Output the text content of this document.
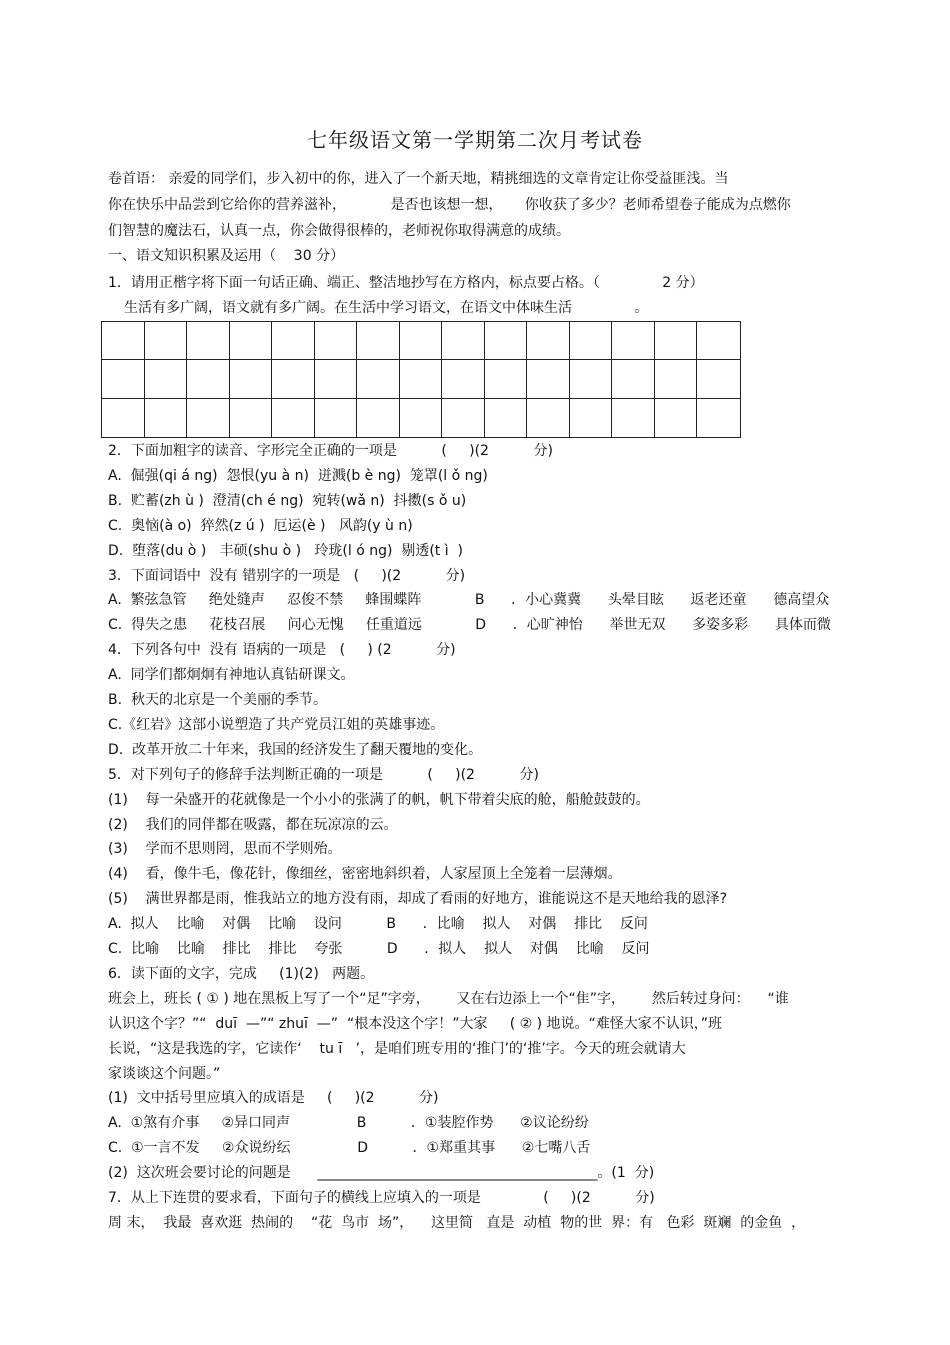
七年级语文第一学期第二次月考试卷
卷首语： 亲爱的同学们，步入初中的你，进入了一个新天地，精挑细选的文章肯定让你受益匪浅。当
你在快乐中品尝到它给你的营养滋补，          是否也该想一想，     你收获了多少？老师希望卷子能成为点燃你
们智慧的魔法石，认真一点，你会做得很棒的，老师祝你取得满意的成绩。
一、语文知识积累及运用（    30 分）
1．请用正楷字将下面一句话正确、端正、整洁地抄写在方格内，标点要占格。（              2 分）
生活有多广阔，语文就有多广阔。在生活中学习语文，在语文中体味生活              。
2．下面加粗字的读音、字形完全正确的一项是          (     )(2          分)
A.  倔强(qi á ng)  怨恨(yu à n)  迸溅(b è ng)  笼罩(l ǒ ng)
B.  贮蓄(zh ù )  澄清(ch é ng)  宛转(wǎ n)  抖擞(s ǒ u)
C.  奥恼(à o)  猝然(z ú )  厄运(è )   风韵(y ù n)
D.  堕落(du ò )   丰硕(shu ò )   玲珑(l ó ng)  剔透(t ì  )
3．下面词语中  没有 错别字的一项是   (     )(2          分)
A.  繁弦急管     绝处缝声     忍俊不禁     蜂围蝶阵            B      ．小心冀冀      头晕目眩      返老还童      德高望众
C.  得失之患     花枝召展     问心无愧     任重道远            D      ．心旷神怡      举世无双      多姿多彩      具体而微
4．下列各句中  没有 语病的一项是   (     ) (2          分)
A.  同学们都炯炯有神地认真钻研课文。
B.  秋天的北京是一个美丽的季节。
C.《红岩》这部小说塑造了共产党员江姐的英雄事迹。
D.  改革开放二十年来，我国的经济发生了翻天覆地的变化。
5．对下列句子的修辞手法判断正确的一项是          (     )(2          分)
(1)    每一朵盛开的花就像是一个小小的张满了的帆，帆下带着尖底的舱，船舱鼓鼓的。
(2)    我们的同伴都在吸露，都在玩凉凉的云。
(3)    学而不思则罔，思而不学则殆。
(4)    看，像牛毛，像花针，像细丝，密密地斜织着，人家屋顶上全笼着一层薄烟。
(5)    满世界都是雨，惟我站立的地方没有雨，却成了看雨的好地方，谁能说这不是天地给我的恩泽?
A.  拟人    比喻    对偶    比喻    设问          B      ．比喻    拟人    对偶    排比    反问
C.  比喻    比喻    排比    排比    夸张          D      ．拟人    拟人    对偶    比喻    反问
6．读下面的文字，完成     (1)(2)   两题。
班会上，班长 ( ① ) 地在黑板上写了一个“足”字旁，      又在右边添上一个“隹”字，      然后转过身问：    “谁
认识这个字？”“  duī  —”“ zhuī  —”  “根本没这个字！”大家     ( ② ) 地说。“难怪大家不认识，”班
长说，“这是我选的字，它读作‘    tu ī   ’，是咱们班专用的‘推门’的‘推’字。今天的班会就请大
家谈谈这个问题。”
(1)  文中括号里应填入的成语是     (     )(2          分)
A.  ①煞有介事     ②异口同声               B          ．①装腔作势      ②议论纷纷
C.  ①一言不发     ②众说纷纭               D          ．①郑重其事      ②七嘴八舌
(2)  这次班会要讨论的问题是      ________________________________________。(1  分)
7．从上下连贯的要求看，下面句子的横线上应填入的一项是              (     )(2          分)
周 末，  我最  喜欢逛  热闹的    “花  鸟市  场”，    这里简   直是  动植  物的世  界：有   色彩  斑斓  的金鱼  ，
